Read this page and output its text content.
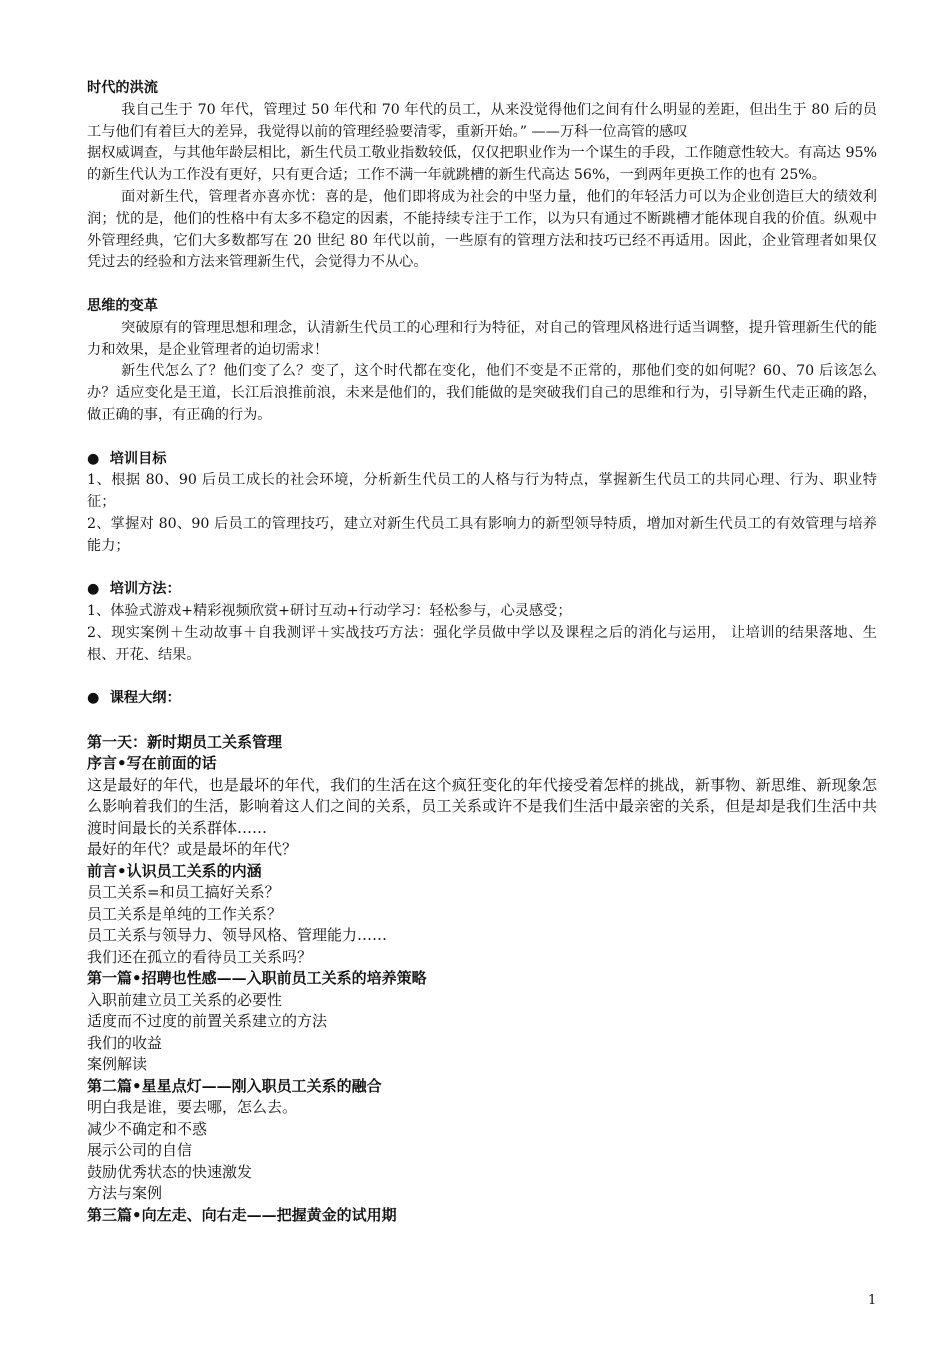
时代的洪流

我自己生于 70 年代，管理过 50 年代和 70 年代的员工，从来没觉得他们之间有什么明显的差距，但出生于 80 后的员工与他们有着巨大的差异，我觉得以前的管理经验要清零，重新开始。” ——万科一位高管的感叹

据权威调查，与其他年龄层相比，新生代员工敬业指数较低，仅仅把职业作为一个谋生的手段，工作随意性较大。有高达 95%的新生代认为工作没有更好，只有更合适；工作不满一年就跳槽的新生代高达 56%，一到两年更换工作的也有 25%。

面对新生代，管理者亦喜亦忧：喜的是，他们即将成为社会的中坚力量，他们的年轻活力可以为企业创造巨大的绩效利润；忧的是，他们的性格中有太多不稳定的因素，不能持续专注于工作，以为只有通过不断跳槽才能体现自我的价值。纵观中外管理经典，它们大多数都写在 20 世纪 80 年代以前，一些原有的管理方法和技巧已经不再适用。因此，企业管理者如果仅凭过去的经验和方法来管理新生代，会觉得力不从心。

思维的变革

突破原有的管理思想和理念，认清新生代员工的心理和行为特征，对自己的管理风格进行适当调整，提升管理新生代的能力和效果，是企业管理者的迫切需求！

新生代怎么了？他们变了么？变了，这个时代都在变化，他们不变是不正常的，那他们变的如何呢？60、70 后该怎么办？适应变化是王道，长江后浪推前浪，未来是他们的，我们能做的是突破我们自己的思维和行为，引导新生代走正确的路，做正确的事，有正确的行为。

● 培训目标

1、根据 80、90 后员工成长的社会环境，分析新生代员工的人格与行为特点，掌握新生代员工的共同心理、行为、职业特征；

2、掌握对 80、90 后员工的管理技巧，建立对新生代员工具有影响力的新型领导特质，增加对新生代员工的有效管理与培养能力；

● 培训方法：

1、体验式游戏+精彩视频欣赏+研讨互动+行动学习：轻松参与，心灵感受；

2、现实案例＋生动故事＋自我测评＋实战技巧方法：强化学员做中学以及课程之后的消化与运用， 让培训的结果落地、生根、开花、结果。

● 课程大纲：

第一天：新时期员工关系管理

序言•写在前面的话

这是最好的年代，也是最坏的年代，我们的生活在这个疯狂变化的年代接受着怎样的挑战，新事物、新思维、新现象怎么影响着我们的生活，影响着这人们之间的关系，员工关系或许不是我们生活中最亲密的关系，但是却是我们生活中共渡时间最长的关系群体……

最好的年代？或是最坏的年代？

前言•认识员工关系的内涵

员工关系=和员工搞好关系？

员工关系是单纯的工作关系？

员工关系与领导力、领导风格、管理能力……

我们还在孤立的看待员工关系吗？

第一篇•招聘也性感——入职前员工关系的培养策略

入职前建立员工关系的必要性

适度而不过度的前置关系建立的方法

我们的收益

案例解读

第二篇•星星点灯——刚入职员工关系的融合

明白我是谁，要去哪，怎么去。

减少不确定和不惑

展示公司的自信

鼓励优秀状态的快速激发

方法与案例

第三篇•向左走、向右走——把握黄金的试用期

1
